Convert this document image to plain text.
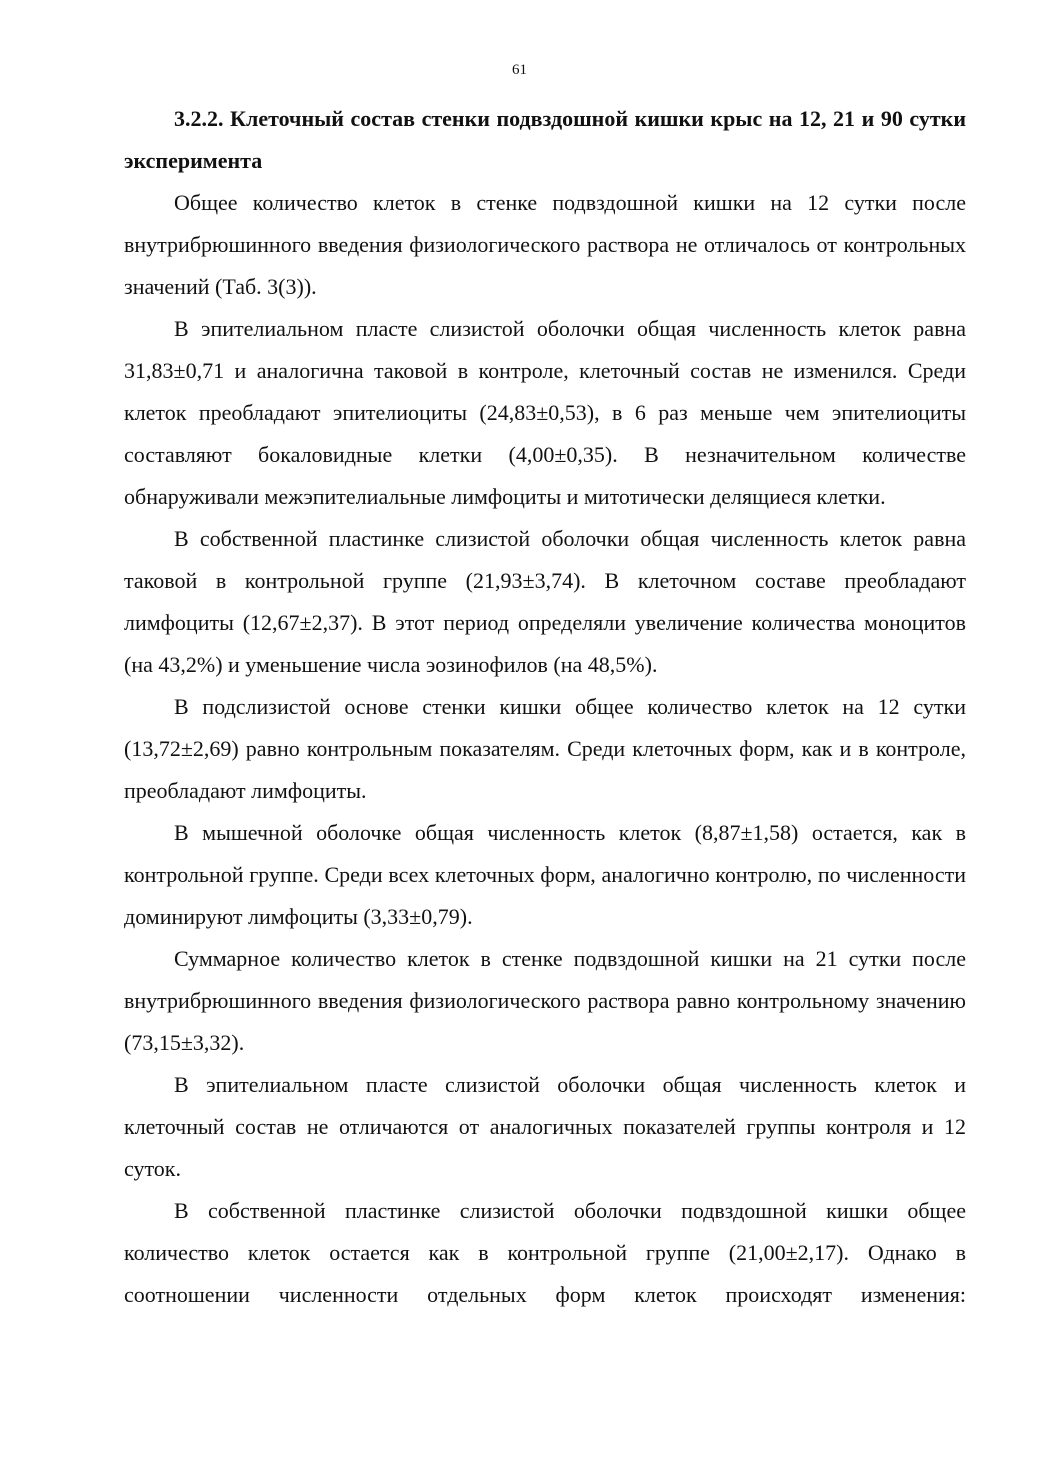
61

3.2.2. Клеточный состав стенки подвздошной кишки крыс на 12, 21 и 90 сутки эксперимента

Общее количество клеток в стенке подвздошной кишки на 12 сутки после внутрибрюшинного введения физиологического раствора не отличалось от контрольных значений (Таб. 3(3)).

В эпителиальном пласте слизистой оболочки общая численность клеток равна 31,83±0,71 и аналогична таковой в контроле, клеточный состав не изменился. Среди клеток преобладают эпителиоциты (24,83±0,53), в 6 раз меньше чем эпителиоциты составляют бокаловидные клетки (4,00±0,35). В незначительном количестве обнаруживали межэпителиальные лимфоциты и митотически делящиеся клетки.

В собственной пластинке слизистой оболочки общая численность клеток равна таковой в контрольной группе (21,93±3,74). В клеточном составе преобладают лимфоциты (12,67±2,37). В этот период определяли увеличение количества моноцитов (на 43,2%) и уменьшение числа эозинофилов (на 48,5%).

В подслизистой основе стенки кишки общее количество клеток на 12 сутки (13,72±2,69) равно контрольным показателям. Среди клеточных форм, как и в контроле, преобладают лимфоциты.

В мышечной оболочке общая численность клеток (8,87±1,58) остается, как в контрольной группе. Среди всех клеточных форм, аналогично контролю, по численности доминируют лимфоциты (3,33±0,79).

Суммарное количество клеток в стенке подвздошной кишки на 21 сутки после внутрибрюшинного введения физиологического раствора равно контрольному значению (73,15±3,32).

В эпителиальном пласте слизистой оболочки общая численность клеток и клеточный состав не отличаются от аналогичных показателей группы контроля и 12 суток.

В собственной пластинке слизистой оболочки подвздошной кишки общее количество клеток остается как в контрольной группе (21,00±2,17). Однако в соотношении численности отдельных форм клеток происходят изменения:
